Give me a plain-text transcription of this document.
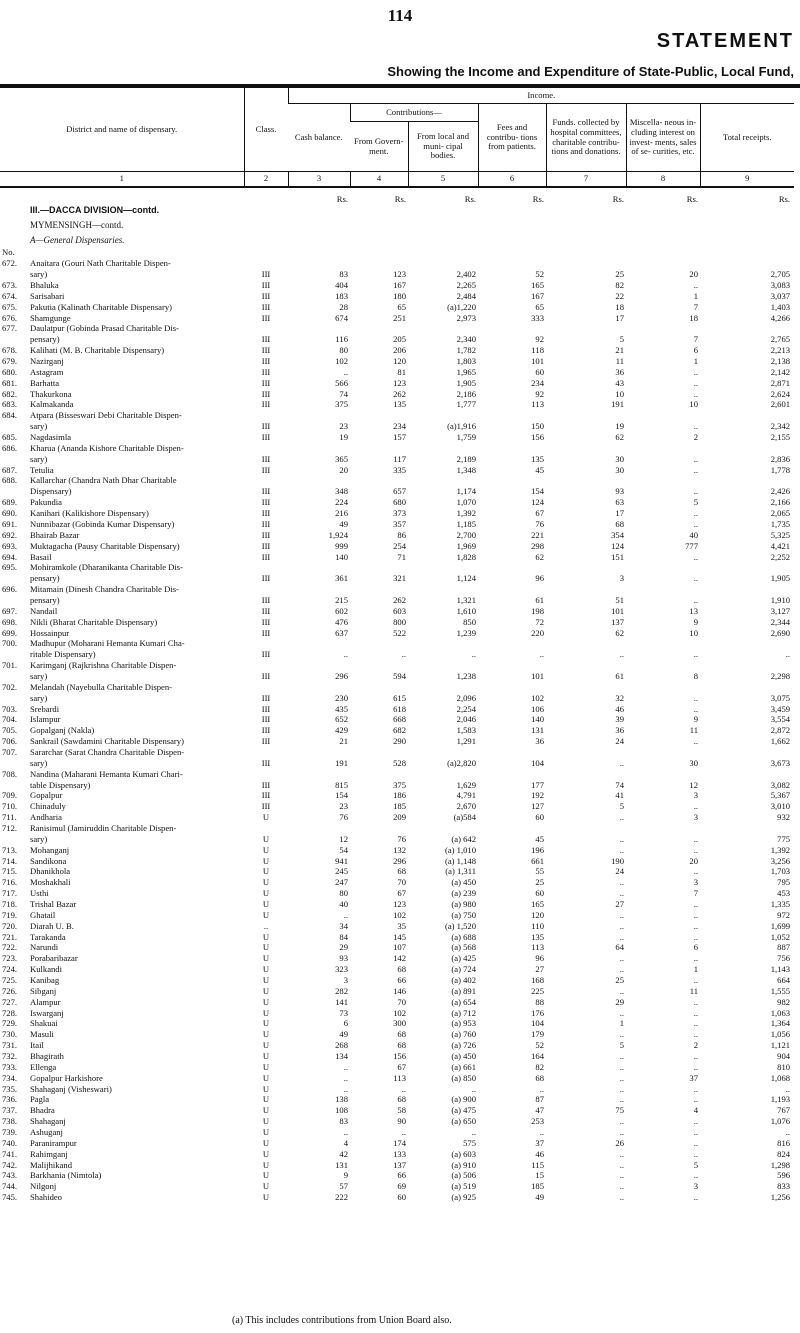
114
STATEMENT
Showing the Income and Expenditure of State-Public, Local Fund,
District and name of dispensary.	Class.	Income.						
		Cash balance.	Contributions—		Fees and contribu- tions from patients.	Funds. collected by hospital committees, charitable contribu- tions and donations.	Miscella- neous in- cluding interest on invest- ments, sales of se- curities, etc.	Total receipts.
			From Govern- ment.	From local and muni- cipal bodies.				
1	2	3	4	5	6	7	8	9
		Rs.	Rs.	Rs.	Rs.	Rs.	Rs.	Rs.
III.—DACCA DIVISION—contd.								
MYMENSINGH—contd.								
A—General Dispensaries.								
No.								
672. Anaitara (Gouri Nath Charitable Dispen-								
sary)	III	83	123	2,402	52	25	20	2,705
673. Bhaluka	III	404	167	2,265	165	82	..	3,083
674. Sarisabari	III	183	180	2,484	167	22	1	3,037
675. Pakutia (Kalinath Charitable Dispensary)	III	28	65	(a)1,220	65	18	7	1,403
676. Shamgunge	III	674	251	2,973	333	17	18	4,266
677. Daulatpur (Gobinda Prasad Charitable Dis-								
pensary)	III	116	205	2,340	92	5	7	2,765
678. Kalihati (M. B. Charitable Dispensary)	III	80	206	1,782	118	21	6	2,213
679. Nazirganj	III	102	120	1,803	101	11	1	2,138
680. Astagram	III	..	81	1,965	60	36	..	2,142
681. Barhatta	III	566	123	1,905	234	43	..	2,871
682. Thakurkona	III	74	262	2,186	92	10	..	2,624
683. Kalmakanda	III	375	135	1,777	113	191	10	2,601
684. Atpara (Bisseswari Debi Charitable Dispen-								
sary)	III	23	234	(a)1,916	150	19	..	2,342
685. Nagdasimla	III	19	157	1,759	156	62	2	2,155
686. Kharua (Ananda Kishore Charitable Dispen-								
sary)	III	365	117	2,189	135	30	..	2,836
687. Tetulia	III	20	335	1,348	45	30	..	1,778
688. Kallarchar (Chandra Nath Dhar Charitable								
Dispensary)	III	348	657	1,174	154	93	..	2,426
689. Pakundia	III	224	680	1,070	124	63	5	2,166
690. Kanihari (Kalikishore Dispensary)	III	216	373	1,392	67	17	..	2,065
691. Nunnibazar (Gobinda Kumar Dispensary)	III	49	357	1,185	76	68	..	1,735
692. Bhairab Bazar	III	1,924	86	2,700	221	354	40	5,325
693. Muktagacha (Pausy Charitable Dispensary)	III	999	254	1,969	298	124	777	4,421
694. Basail	III	140	71	1,828	62	151	..	2,252
695. Mohiramkole (Dharanikanta Charitable Dis-								
pensary)	III	361	321	1,124	96	3	..	1,905
696. Mitamain (Dinesh Chandra Charitable Dis-								
pensary)	III	215	262	1,321	61	51	..	1,910
697. Nandail	III	602	603	1,610	198	101	13	3,127
698. Nikli (Bharat Charitable Dispensary)	III	476	800	850	72	137	9	2,344
699. Hossainpur	III	637	522	1,239	220	62	10	2,690
700. Madhupur (Moharani Hemanta Kumari Cha-								
ritable Dispensary)	III	..	..	..	..	..	..	..
701. Karimganj (Rajkrishna Charitable Dispen-								
sary)	III	296	594	1,238	101	61	8	2,298
702. Melandah (Nayebulla Charitable Dispen-								
sary)	III	230	615	2,096	102	32	..	3,075
703. Srebardi	III	435	618	2,254	106	46	..	3,459
704. Islampur	III	652	668	2,046	140	39	9	3,554
705. Gopalganj (Nakla)	III	429	682	1,583	131	36	11	2,872
706. Sankrail (Sawdamini Charitable Dispensary)	III	21	290	1,291	36	24	..	1,662
707. Sararchar (Sarat Chandra Charitable Dispen-								
sary)	III	191	528	(a)2,820	104	..	30	3,673
708. Nandina (Maharani Hemanta Kumari Chari-								
table Dispensary)	III	815	375	1,629	177	74	12	3,082
709. Gopalpur	III	154	186	4,791	192	41	3	5,367
710. Chinaduly	III	23	185	2,670	127	5	..	3,010
711. Andharia	U	76	209	(a)584	60	..	3	932
712. Ranisimul (Jamiruddin Charitable Dispen-								
sary)	U	12	76	(a) 642	45	..	..	775
713. Mohanganj	U	54	132	(a) 1,010	196	..	..	1,392
714. Sandikona	U	941	296	(a) 1,148	661	190	20	3,256
715. Dhanikhola	U	245	68	(a) 1,311	55	24	..	1,703
716. Moshakhali	U	247	70	(a) 450	25	..	3	795
717. Usthi	U	80	67	(a) 239	60	..	7	453
718. Trishal Bazar	U	40	123	(a) 980	165	27	..	1,335
719. Ghatail	U	..	102	(a) 750	120	..	..	972
720. Diarah U. B.	..	34	35	(a) 1,520	110	..	..	1,699
721. Tarakanda	U	84	145	(a) 688	135	..	..	1,052
722. Narundi	U	29	107	(a) 568	113	64	6	887
723. Porabaribazar	U	93	142	(a) 425	96	..	..	756
724. Kulkandi	U	323	68	(a) 724	27	..	1	1,143
725. Kanibag	U	3	66	(a) 402	168	25	..	664
726. Sibganj	U	282	146	(a) 891	225	..	11	1,555
727. Alampur	U	141	70	(a) 654	88	29	..	982
728. Iswarganj	U	73	102	(a) 712	176	..	..	1,063
729. Shakuai	U	6	300	(a) 953	104	1	..	1,364
730. Masuli	U	49	68	(a) 760	179	..	..	1,056
731. Itail	U	268	68	(a) 726	52	5	2	1,121
732. Bhagirath	U	134	156	(a) 450	164	..	..	904
733. Ellenga	U	..	67	(a) 661	82	..	..	810
734. Gopalpur Harkishore	U	..	113	(a) 850	68	..	37	1,068
735. Shahaganj (Visheswari)	U	..	..	..	..	..	..	..
736. Pagla	U	138	68	(a) 900	87	..	..	1,193
737. Bhadra	U	108	58	(a) 475	47	75	4	767
738. Shahaganj	U	83	90	(a) 650	253	..	..	1,076
739. Ashuganj	U	..	..	..	..	..	..	..
740. Paranirampur	U	4	174	575	37	26	..	816
741. Rahimganj	U	42	133	(a) 603	46	..	..	824
742. Malijhikand	U	131	137	(a) 910	115	..	5	1,298
743. Barkhania (Nimtola)	U	9	66	(a) 506	15	..	..	596
744. Nilgonj	U	57	69	(a) 519	185	..	3	833
745. Shahideo	U	222	60	(a) 925	49	..	..	1,256
(a) This includes contributions from Union Board also.
